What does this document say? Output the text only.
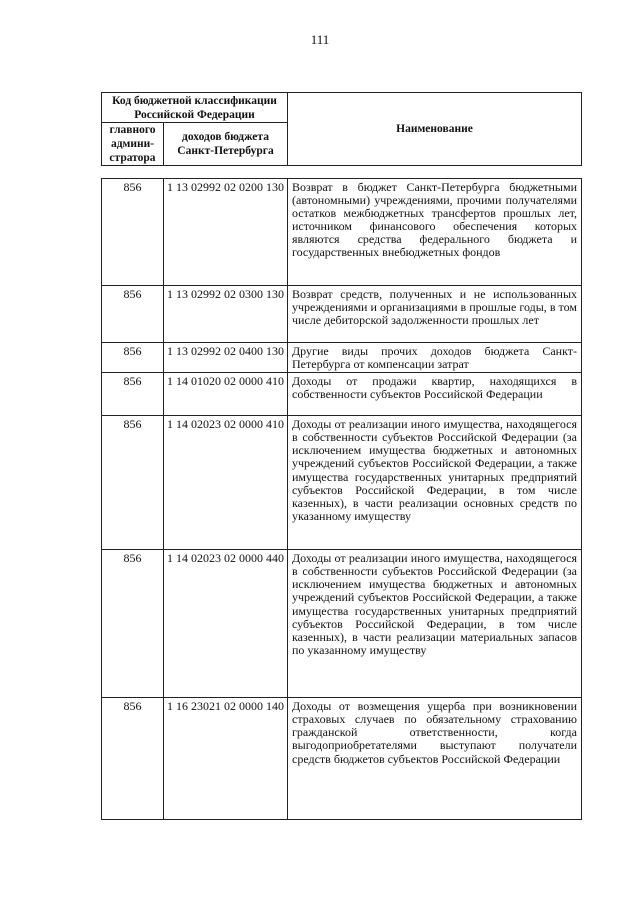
111
Код бюджетной классификации Российской Федерации		Наименование
главного админи-стратора	доходов бюджета Санкт-Петербурга	
856	1 13 02992 02 0200 130	Возврат в бюджет Санкт-Петербурга бюджетными (автономными) учреждениями, прочими получателями остатков межбюджетных трансфертов прошлых лет, источником финансового обеспечения которых являются средства федерального бюджета и государственных внебюджетных фондов
856	1 13 02992 02 0300 130	Возврат средств, полученных и не использованных учреждениями и организациями в прошлые годы, в том числе дебиторской задолженности прошлых лет
856	1 13 02992 02 0400 130	Другие виды прочих доходов бюджета Санкт-Петербурга от компенсации затрат
856	1 14 01020 02 0000 410	Доходы от продажи квартир, находящихся в собственности субъектов Российской Федерации
856	1 14 02023 02 0000 410	Доходы от реализации иного имущества, находящегося в собственности субъектов Российской Федерации (за исключением имущества бюджетных и автономных учреждений субъектов Российской Федерации, а также имущества государственных унитарных предприятий субъектов Российской Федерации, в том числе казенных), в части реализации основных средств по указанному имуществу
856	1 14 02023 02 0000 440	Доходы от реализации иного имущества, находящегося в собственности субъектов Российской Федерации (за исключением имущества бюджетных и автономных учреждений субъектов Российской Федерации, а также имущества государственных унитарных предприятий субъектов Российской Федерации, в том числе казенных), в части реализации материальных запасов по указанному имуществу
856	1 16 23021 02 0000 140	Доходы от возмещения ущерба при возникновении страховых случаев по обязательному страхованию гражданской ответственности, когда выгодоприобретателями выступают получатели средств бюджетов субъектов Российской Федерации
